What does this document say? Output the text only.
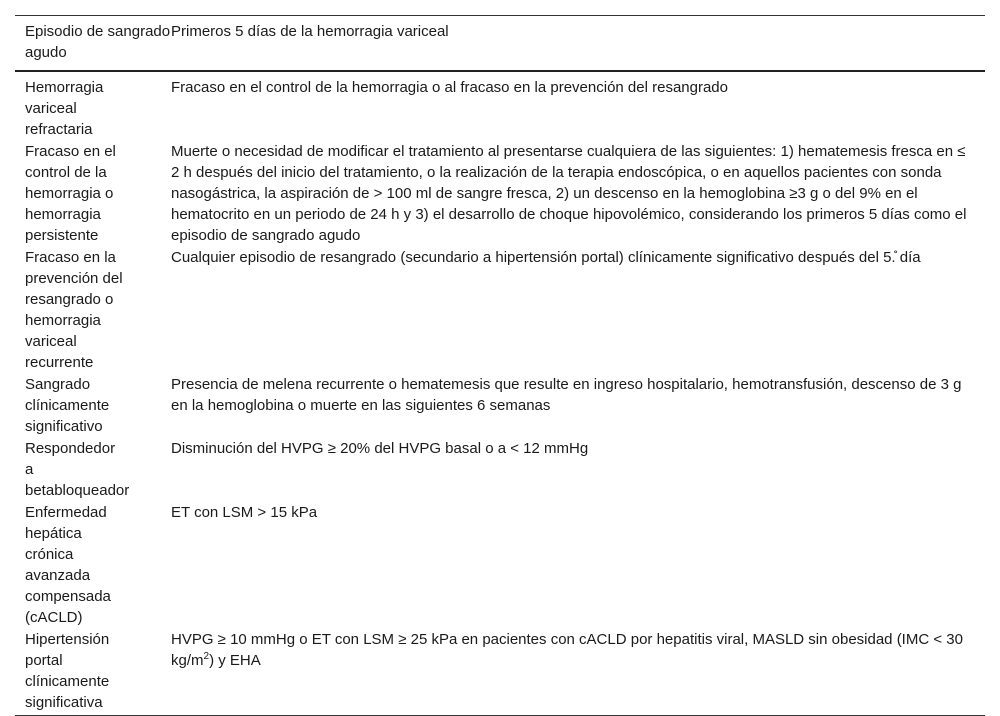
Episodio de sangrado agudo
Primeros 5 días de la hemorragia variceal
Hemorragia variceal refractaria
Fracaso en el control de la hemorragia o al fracaso en la prevención del resangrado
Fracaso en el control de la hemorragia o hemorragia persistente
Muerte o necesidad de modificar el tratamiento al presentarse cualquiera de las siguientes: 1) hematemesis fresca en ≤ 2 h después del inicio del tratamiento, o la realización de la terapia endoscópica, o en aquellos pacientes con sonda nasogástrica, la aspiración de > 100 ml de sangre fresca, 2) un descenso en la hemoglobina ≥3 g o del 9% en el hematocrito en un periodo de 24 h y 3) el desarrollo de choque hipovolémico, considerando los primeros 5 días como el episodio de sangrado agudo
Fracaso en la prevención del resangrado o hemorragia variceal recurrente
Cualquier episodio de resangrado (secundario a hipertensión portal) clínicamente significativo después del 5.̊ día
Sangrado clínicamente significativo
Presencia de melena recurrente o hematemesis que resulte en ingreso hospitalario, hemotransfusión, descenso de 3 g en la hemoglobina o muerte en las siguientes 6 semanas
Respondedor a betabloqueador
Disminución del HVPG ≥ 20% del HVPG basal o a < 12 mmHg
Enfermedad hepática crónica avanzada compensada (cACLD)
ET con LSM > 15 kPa
Hipertensión portal clínicamente significativa
HVPG ≥ 10 mmHg o ET con LSM ≥ 25 kPa en pacientes con cACLD por hepatitis viral, MASLD sin obesidad (IMC < 30 $kg/m^2$) y EHA
